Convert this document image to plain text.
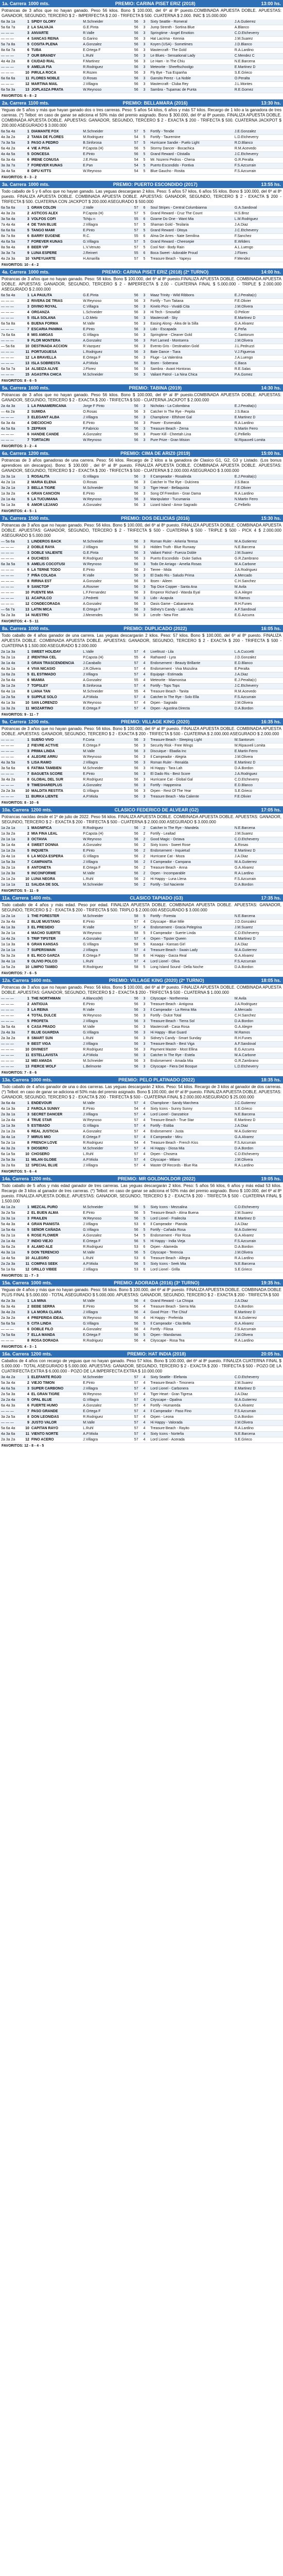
1a. Carrera 1000 mts.	PREMIO: CARINA PISET ERIZ (2018)	13:00 hs.
Potrancas de 3 años que no hayan ganado. Peso 56 kilos. Bono $ 100.000, del 6º al 8º puesto.COMBINADA APUESTA DOBLE. APUESTAS: GANADOR, SEGUNDO, TERCERO $ 2 - IMPERFECTA $ 2.00 - TRIFECTA $ 500. CUATERNA $ 2.000. INIC $ 15.000.000
6a 3a 1a	1	SPIDY GLORY	M.Schneider	56	3	Sixty Seattle - Romeral	J.A.Gutierrez
5a 6a 7a	2	LA SALVAJA	G.E.Pinta	56	3	Jump Strenth - Sortina Blue	A.Blanco
— — —	3	ANVARTE	R.Valle	56	3	Springtime - Angel Emotion	C.D.Etcheverry
— — —	4	SANCAS REINA	G.Garino	56	3	Hat Lacrima - Kennia	J.M.Suarez
5a 7a 8a	5	COSITA PLENA	A.Gonzalez	56	3	Koyen (USA) - Sometimes	J.D.Blanco
8a 6a 7a	6	TUBA	E.Ortega F	56	3	Mastercraft - The Gold	R.A.Lardino
— — —	7	OUR BRANDY	L.Ruhl	56	3	Le Blues - Sensational Lady	C.Mendez C
4a 4a 2a	8	CIUDAD RIAL	F.Martinez	56	3	Le Ham - In The Chiu	N.E.Barcena
— — —	9	AMELIA FIA	R.Rodriguez	56	3	Meteorite - Sheeftschoolgo	E.Martinez D
— — —	10	PIRULA ROCA	R.Rozen	56	3	Fly Bye - Tua Espanha	S.E.Grieco
6a 6a 6a	11	FLORES NOBLE	O.Rosas	56	3	Gansito Perez - La Noble	O.Peralta
— — —	12	MARTINA MAIL	J.Villagra	56	3	Mastercraft - Cluba Rey	J.L.Montes
6a 5a 3a	13	JOPLASZA PRATA	W.Reynoso	56	3	Sambra - Tupamac de Punta	R.E.Gomez
FAVORITOS: 6 - 8 - 2
2a. Carrera 1100 mts.	PREMIO: BELLAMARA (2016)	13:30 hs.
Yeguas de 5 años y más que hayan ganado dos o tres carreras. Peso: 5 años 54 kilos, 6 años y más 57 kilos. Recargo de 1 kilo a la ganadora de tres carreras. (*) Telbot: en caso de ganar se adiciona el 50% más del premio asignado. Bono $ 300.000, del 6º al 8º puesto. FINALIZA APUESTA DOBLE. COMBINADA APUESTA DOBLE. APUESTAS: GANADOR, SEGUNDO, TERCERO $ 2 - EXACTA $ 200 - TRIFECTA $ 500. CUATERNA JACKPOT $ 200.000 ASEGURADO $ 3.000.000
6a 5a 4a	1	DIAMANTE FOX	M.Schneider	57	5	Fortify - Tendie	J.E.Gonzalez
4a 3a 2a	2	TANIA DE FLORES	M.Rodriguez	54	5	Fortify - Tauremine	L.D.Etcheverry
7a 3a 5a	3	PASO A PEDRO	B.Sinforosa	57	5	Hurricane Sandie - Puelo Light	R.D.Blanco
6a 4a 2a	4	VIE A PISA	P.Capsta (H)	56	5	Stormy Dancer - Bocachica	R.M.Acevedo
4a 4a 5a	5	DONCESA	E.Pinto	56	5	Grand Reward - Ctistalla	J.C.Etcheverry
6a 3a 4a	6	IRENE CONUSA	J.E.Pinta	54	5	Mr. Nozemi Pedros - Chena	G.R.Peralta
3a 3a 7a	7	FOREVER KUNAS	E.Pan	54	5	Puerto Escondido - Fontiva	F.S.Azcurrain
3a 4a 5a	8	DIFU KITTS	W.Reynoso	54	5	Blue Gaucho - Rosita	F.S.Azcurrain
FAVORITOS: 8 - 3 - 2
3a. Carrera 1000 mts.	PREMIO: PUERTO ESCONDIDO (2017)	13:55 hs.
Todo caballo de 5 y 6 años que no hayan ganado. Las yeguas descargaran 2 kilos. Peso: 5 años 57 kilos, 6 años 55 kilos. Bono $ 100.000, del 6º al 8º puesto. FINALIZA APUESTA DOBLE. COMBINADA APUESTA DOBLE. APUESTAS: GANADOR, SEGUNDO, TERCERO $ 2 - EXACTA $ 200 - TRIFECTA $ 500. CUATERNA CON JACKPOT $ 200.000 ASEGURADO $ 500.000
6a 5a 6a	1	GRAN COLON	J.Valle	57	6	Soul Stripes - Central Columbianna	G.A.Sandoval
4a 3a 2a	2	ASTICOS ALEX	P.Capsta (H)	57	5	Grand Reward - Cruz The Count	H.S.Broz
3a 5a 4a	3	VOLFOS COFI	Tchiju n	55	6	Ozame Do One - Want Mia	L.M.Rodriguez
7a 4a 4a	4	DE TIAN BLUE	J.Villagra	57	5	Shaman Gold - Tesilaria	J.A.Diaz
6a 6a 6a	5	TANGO MAMI	E.Pinto	57	5	Grand Reward - Ditoya	J.C.Etcheverry
8a 7a 8a	6	BARRY EUGENE	R.C.	55	6	Alma De Arres - Nate Semilina	F.Sanchez
4a 6a 5a	7	FOREVER KUNAS	G.Villagra	57	5	Grand Reward - Cheesepie	E.Wilders
8a 9a 4a	8	BEER VIP	L.V.Venuto	57	5	Cool Not - Body Rain	A.L.Luengo
3a 3a 7a	9	LUNA ESPERE	J.Reinert	55	6	Boca Sweet - Adorable Proud	J.Flores
4a 2a 3a	10	YAPEYUARTE	H.Amarilla	57	5	Treasure Beach - Yapeyu	F.Mendez
FAVORITOS: 10 - 4 - 2
4a. Carrera 1000 mts.	PREMIO: CARINA PISET ERIZ (2018) (2º TURNO)	14:00 hs.
Potrancas de 3 años que no hayan ganado. Peso: 56 kilos. Bono $ 100.000, del 6º al 8º puesto.FINALIZA APUESTA DOBLE. COMBINADA APUESTA DOBLE. APUESTAS: GANADOR, SEGUNDO, TERCERO $ 2 - IMPERFECTA $ 2.00 - CUATERNA FINAL $ 5.000.000 - TRIPLE $ 2.000.000 ASEGURADO $ 2.000.000
6a 5a 4a	1	LA PAULITA	G.E.Pinta	56	3	Maaz Trinity - Wild Ribbons	E.J.Peralta(c)
— — —	2	RIVERA DE TRIAS	W.Reynoso	56	3	Fortify - Turn Taitana	F.E.Olivier
— — —	3	DIVINO ROYAL	C.Villagra	56	3	Kinelo Pico - Vivaldi Cita	J.M.Olivera
— — —	4	ORGANZA	L.Schneider	56	3	Hi Tech - Smowfall	O.Pelicer
— — —	5	ISLA SOLANA	L.O.Melo	56	3	Mastercraft - Sky	E.Martinez D
6a 5a 8a	6	BUENA FORMA	M.Valle	56	3	Easing Along - Alea de la Silla	G.A.Alvarez
— — —	7	ESCARIA PANIMA	E.Pinto	56	3	Lido - Escapada	E.Peña
7a 6a 6a	8	MIS AMIGAS	G.Villagra	56	3	Springtime - Cleaner Gold	C.Santorum
— — —	9	FLOR MONTERA	A.Gonzalez	56	3	Fort Larned - Montserra	J.M.Olivera
— 5a 6a	10	DESTINADA ACCIÓN	R.Vazquez	56	3	Evento Gris - Destination Gold	J.L.Pedruzzi
— — —	11	PORTUGUESA	L.Rodriguez	56	3	Bate Dance - Tiara	V.J.Figueroa
— — —	12	LA BRAVELLA	E.Ortega F	56	3	Fluge - La Valentina	J.A.Luengo
— — —	13	ISLA SOBRESTA	A.P.Miola	56	3	Ibsen - Soberana	C.Baca
6a 5a 7a	14	ALSEIZA ALIVE	J.Florez	56	3	Sambra - Avant Hontoras	R.E.Salas
— — —	15	AGASTRA CHICA	M.Schneider	56	3	Valiant Patrol - La Nina Chica	P.A.Gomez
FAVORITOS: 8 - 6 - 5
5a. Carrera 1600 mts.	PREMIO: TABINA (2019)	14:30 hs.
Potrancas de 3 años que no hayan ganado. Peso 56 kilos. Bono $ 100.000, del 6º al 8º puesto.COMBINADA APUESTA DOBLE. APUESTAS: GANADOR, SEGUNDO, TERCERO $ 2 - EXACTA $ 200 - TRIFECTA $ 500 - CUATERNA JACKPOT $ 2.000.000
2a 4a 3a	1	LA PANAMERICANA	Jorge F Pinto	56	3	Nicholas - La Colombina	E.J.Peralta(c)
— 4a 2a	2	SUMIDA	O.Rosas	56	3	Catcher In The Rye - Pepita	J.S.Baca
— — —	3	ELEGANT ALBA	J.Villagra	56	3	Champlone - Elfshore Gal	E.Martinez D
6a 3a 4a	4	DIECIOCHO	E.Pinto	56	3	Power - Esmeralda	R.A.Lardino
4a 5a 6a	5	ZEFRAN	P.Fabricio	56	3	Treasure Beach - Zerna	N.Martin Ferro
— — —	6	HANDIE CANDE	A.Gonzalez	56	3	Power Kill - Cheetah Lina	C.Pelliello
— — —	7	TORTACRI	W.Reynoso	56	3	Pure Prize - Gran Mision	M.Ripauveli Lomita
FAVORITOS: 3 - 2 - 4
6a. Carrera 1200 mts.	PREMIO: CIMA DE ARIZ0 (2019)	15:00 hs.
Potrancas de 3 años ganadoras de una carrera. Peso: 56 kilos. Recargo de 2 kilos a la ganadora de Clasico G1, G2, G3 y Listado. (Los bonus aprendices sin descargos). Bono: $ 100.000 , del 6º al 8º puesto. FINALIZA APUESTA DOBLE. COMBINADA APUESTA DOBLE. APUESTAS: GANADOR, SEGUNDO, TERCERO $ 2 - EXACTA $ 200 - TRIFECTA $ 500 - CUATERNA $ 2.000.000 ASEGURADO $ 3.000.000
2a 3a 1a	1	ROSALITA	G.Villagra	56	3	Il Campeador - Rosalinda	E.J.Peralta(c)
4a 2a 1a	2	MARIA ELENA	O.Rosas	56	3	Catcher In The Rye - Dulcinea	J.S.Baca
3a 2a 1a	3	BELLA TIGRE	M.Schneider	56	3	Tiger Heart - Bellaquista	F.E.Olivier
1a 3a 2a	4	GRAN CANCIÓN	E.Pinto	56	3	Song Of Freedom - Gran Dama	R.A.Lardino
2a 1a 4a	5	LA TUCUMANA	W.Reynoso	56	3	Manipulator - Tucumania	N.Martin Ferro
5a 1a 3a	6	AMOR LEJANO	A.Gonzalez	56	3	Lizard Island - Amor Sagrado	C.Pelliello
FAVORITOS: 4 - 5 - 1
7a. Carrera 1500 mts.	PREMIO: DOS DELICIAS (2016)	15:30 hs.
Potrancas de 3 años que no hayan ganado. Peso: 56 kilos. Bono $ 100.000, del 6º al 8º puesto. FINALIZA APUESTA DOBLE. COMBINADA APUESTA DOBLE. APUESTAS: GANADOR, SEGUNDO, TERCERO $ 2 - TRIFECTA $ 500 - CUATERNA $ 500 - TRIPLE $ 500 - PICK 4 $ 2.000.000 ASEGURADO $ 5.000.000
— 5a 6a	1	LINDEROS BACK	M.Schneider	56	3	Roman Ruler - Arkeria Teresa	M.A.Gutierrez
— — —	2	DOBLE RAYA	J.Villagra	56	3	Hidden Truth - Blue Runway	N.E.Barcena
— — —	3	DOBLE VALIENTE	G.E.Pinta	56	3	Valiant Patrol - Fuerza Doble	J.M.Suarez
— — —	4	DUCHESS	R.Rodriguez	56	3	Puerto Escondido - Duke Sativa	G.R.Zambrano
6a 3a 5a	5	AMELIS COCOTUSI	W.Reynoso	56	3	Todo De Arriago - Amelia Rosas	M.A.Carbone
— — —	6	LA TERNE TODO	E.Pinto	56	3	Tieree - Mida	J.A.Rodriguez
— — —	7	PIÑA COLADA	R.Valle	56	3	El Dado Ris - Saludo Prima	A.Mercado
— — —	8	RIRINA EST	A.Gonzalez	56	3	Ibsen - Aileen	C.H.Sanchez
— — —	9	SANCTOP	A.Rosmer	56	3	Top Dice Copper - Santa Ana	M.Avila
— — —	10	PUENTE MIA	L.F.Fernandez	56	3	Emperor Richard - Wanda Eyal	G.A.Alegre
— — —	11	ACAPULCO	J.Pedretti	56	3	Lido - Acapula	M.Ramos
— — —	12	CONDECORADA	A.Gonzalez	56	3	Oasis Game - Cabanarena	R.H.Funes
— 6a 7a	13	LATIN MICA	E.Ortega F	56	3	Sidney's Candy - Latin Aris	A.F.Sandoval
5a 2a 3a	14	NUESTRO	J.Menendes	56	3	Lerofe - New Fire	E.G.Azcurra
FAVORITOS: 4 - 5 - 11
8a. Carrera 1000 mts.	PREMIO: DUPLICADO (2022)	16:05 hs.
Todo caballo de 4 años ganador de una carrera. Las yeguas descargarán 2 kilos. Peso: 57 kilos. Bono $ 100.000, del 6º al 8º puesto. FINALIZA APUESTA DOBLE. COMBINADA APUESTA DOBLE. APUESTAS: GANADOR, SEGUNDO, TERCERO $ 2 - EXACTA $ 200 - TRIFECTA $ 500 - CUATERNA $ 1.500.000 ASEGURADO $ 2.000.000
2a 1a 3a	1	SWEET HOLIDAY	L.Valle	57	4	Liveltrust - Lila	L.A.Cuccetti
5a 2a 1a	2	IRENTINA CEL	P.Capsta (H)	55	4	Rathaxed - Lyra	J.D.Gonzalez
3a 1a 4a	3	GRAN TRASCENDENCIA	J.Caraballo	57	4	Endorsement - Beauty Brillante	E.D.Blanco
4a 3a 1a	4	VIVA NICASIO	J.R.Olivera	57	4	Endorsement - Viva Mozulina	E.Peralta
1a 6a 2a	5	EL ESTIMADO	J.Villagra	57	4	Equipaje - Estimada	J.A.Diaz
2a 5a 4a	6	MIAMIA	A.Gonzalez	55	4	Meteorite - Miamonisa	E.J.Peralta(c)
3a 1a 2a	7	TOPSLEY	B.Sinforosa	57	4	Fortify - Tops Tops	J.C.Etcheverry
6a 4a 1a	8	LIANA TAN	M.Schneider	55	4	Treasure Beach - Tanita	R.M.Acevedo
1a 2a 5a	9	SUPPLE SOLO	A.P.Miola	57	4	Catcher In The Rye - Solo Ella	F.S.Azcurrain
4a 1a 3a	10	SAN LORENZO	W.Reynoso	57	4	Orpen - Sagrado	J.M.Olivera
1a 3a 2a	11	MOZARTINO	E.Ortega F	57	4	Orpen - Agustina Directa	D.A.Bordon
FAVORITOS: 9 - 11 - 7
9a. Carrera 1200 mts.	PREMIO: VILLAGE KING (2020)	16:35 hs.
Potrancas de 3 años que no hayan ganado. Peso: 56 kilos. Bono $ 100.000, del 6º al 8º puesto. FINALIZA APUESTA DOBLE. COMBINADA APUESTA DOBLE. APUESTAS: GANADOR, SEGUNDO, TERCERO $ 2 - EXACTA $ 200 - TRIFECTA $ 500 - CUATERNA $ 2.000.000 ASEGURADO $ 2.000.000
— — —	1	SUEÑO VIVO	F.Coria	56	3	Treasure Beach - Sleeping Light	M.Santorum
— — —	2	FIEVRE ACTIVE	E.Ortega F	56	3	Security Risk - Free Wings	M.Ripauveli Lomita
— — —	3	PRIMA LINDA	M.Valle	56	3	Discuique - Ebadia Inc	E.Martin Ferro
— — —	4	ALEGRE ARRU	W.Reynoso	56	3	Il Campeador - Alegria	J.M.Olivera
4a 3a 5a	5	LISA RAMO	J.Villagra	56	3	Roman Ruler - Renalda	E.Martinez D
3a 5a 6a	6	FATIMA TAMBIEN	M.Schneider	56	3	Hi Happy - Tara Lah	D.A.Bordon
— — —	7	BAGUETA SCORE	E.Pinto	56	3	El Dado Ris - Best Score	J.A.Rodriguez
3a 4a 2a	8	GLOBAL DEL SUR	R.Rodriguez	56	3	Hurricane Cat - Global Gal	C.D.Etcheverry
— — —	9	TIMESHAREPLUS	A.Gonzalez	56	3	Fortify - Happenina	E.D.Blanco
2a 2a 3a	10	MALDITA RESTITA	G.Villagra	56	3	Orpen - Rest Of The Year	S.E.Grieco
— — —	11	BURKA LIENTE	A.P.Miola	56	3	Treasure Beach - Mia Caliente	F.E.Olivier
FAVORITOS: 8 - 10 - 6
10a. Carrera 1200 mts.	CLASICO FEDERICO DE ALVEAR (G2)	17:05 hs.
Potrancas nacidas desde el 1º de julio de 2022. Peso 56 kilos. FINALIZA APUESTA DOBLE. COMBINADA APUESTA DOBLE. APUESTAS: GANADOR, SEGUNDO, TERCERO $ 2 - EXACTA $ 200 - TRIFECTA $ 500 - CUATERNA $ 2.000.000 ASEGURADO $ 3.000.000
1a 2a 1a	1	MAGNIFICA	R.Rodriguez	56	2	Catcher In The Rye - Mandela	N.E.Barcena
1a 3a 2a	2	MIA FINA LEAL	P.Capsta (H)	56	2	Fortify - Lealtad	J.M.Suarez
2a 1a 1a	3	OCTAVIA	W.Reynoso	56	2	Good Magic - Octava	C.D.Etcheverry
3a 1a 4a	4	SWEET DONNA	A.Gonzalez	56	2	Sixty Icons - Sweet Rose	A.Rosas
1a 1a 2a	5	INQUIETA	E.Pinto	56	2	Endorsement - Inquietud	E.Martinez D
2a 4a 1a	6	LA MOZA ESPERA	G.Villagra	56	2	Hurricane Cat - Moza	J.A.Diaz
1a 5a 3a	7	CAMPANITA	J.Villagra	56	2	Il Campeador - Campana	M.A.Gutierrez
3a 2a 1a	8	ANTONETA	E.Ortega F	56	2	Treasure Beach - Anna	G.A.Alvarez
1a 2a 3a	9	INCONFORME	M.Valle	56	2	Orpen - Incomparable	R.A.Lardino
2a 1a 2a	10	LUNA NEGRA	L.Ruhl	56	2	Hi Happy - Luna Llena	F.S.Azcurrain
1a 1a 1a	11	SALIDA DE SOL	M.Schneider	56	2	Fortify - Sol Naciente	D.A.Bordon
FAVORITOS: 5 - 11 - 9
11a. Carrera 1400 mts.	CLASICO TAPIADO (G3)	17:35 hs.
Todo caballo de 4 años y más edad. Peso por edad. FINALIZA APUESTA DOBLE. COMBINADA APUESTA DOBLE. APUESTAS: GANADOR, SEGUNDO, TERCERO $ 2 - EXACTA $ 200 - TRIFECTA $ 500. TRIPLO $ 2.000.000 ASEGURADO $ 3.000.000
1a 2a 1a	1	THE FORESTER	M.Schneider	58	5	Fortify - Foresta	N.E.Barcena
2a 3a 4a	2	BLUE MUSTANG	E.Pinto	57	4	Cityscape - Blue Mile	J.D.Gonzalez
4a 1a 3a	3	EL PRESIDIO	R.Valle	57	4	Endorsement - Gracia Pelegrina	J.M.Suarez
3a 2a 1a	4	MACHO SUERTE	W.Reynoso	58	5	Il Campeador - Suerte Linda	C.D.Etcheverry
1a 4a 2a	5	TRIP TIPSTER	A.Gonzalez	57	4	Orpen - Tipster Queen	E.Martinez D
1a 1a 3a	6	GRAN KANSAS	G.Villagra	58	5	Kasaqui - Kansas Girl	J.A.Diaz
2a 1a 1a	7	SUPERSWAIN	J.Villagra	57	4	Treasure Beach - Swain Lady	M.A.Gutierrez
5a 3a 2a	8	EL RICO GARZA	E.Ortega F	58	6	Hi Happy - Garza Real	G.A.Alvarez
3a 4a 1a	9	OLIVIO POLCO	L.Ruhl	57	4	Lord Lionel - Oliva	F.S.Azcurrain
1a 5a 2a	10	LIMPIO TAMBO	R.Rodriguez	58	5	Long Island Sound - Della Noche	D.A.Bordon
FAVORITOS: 7 - 6 - 5
12a. Carrera 1600 mts.	PREMIO: VILLAGE KING (2020) (2º TURNO)	18:05 hs.
Potrancas de 3 años que no hayan ganado. Peso: 56 kilos. Bono $ 100.000, del 6º al 8º puesto. FINALIZA APUESTA DOBLE. COMBINADA APUESTA DOBLE. APUESTAS: GANADOR, SEGUNDO, TERCERO $ 2 - EXACTA $ 200 - TRIFECTA $ 500 - CUATERNA $ 1.000.000
— — —	1	THE NORTHMAN	A.Blanco(M)	56	3	Cityscape - Northenmia	M.Avila
— — —	2	ANTIGUA	E.Pinto	56	3	Treasure Beach - Antigona	J.A.Rodriguez
— — —	3	LA REINA	R.Valle	56	3	Il Campeador - La Reina Mia	A.Mercado
— — —	4	TOTAL DULCE	W.Reynoso	56	3	Fortify - Dulce Total	C.H.Sanchez
— — —	5	PROFETA	J.Villagra	56	3	Treasure Beach - Tierra Sol	D.A.Bordon
3a 5a 4a	6	CASA PRADO	M.Valle	56	3	Mastercraft - Casa Rosa	G.A.Alegre
2a 4a 3a	7	BLUE GUARDIA	G.Villagra	56	3	Hi Happy - Blue Guard	M.Ramos
2a 3a 2a	8	SMART SUN	L.Ruhl	56	3	Sidney's Candy - Smart Sunday	R.H.Funes
— — —	9	BEST VIGA	J.Villagra	56	3	Treasure Beach - Best Viga	A.F.Sandoval
— — —	10	DIVINEST	R.Rodriguez	56	3	Payment Master - Most Ellina	E.G.Azcurra
— — —	11	ESTELLAVISTA	A.P.Miola	56	3	Catcher In The Rye - Estela	M.A.Carbone
— — —	12	MEI AMADA	M.Schneider	56	3	Endorsement - Amada Mia	G.R.Zambrano
— — —	13	FIERCE WOLF	L.Belmonte	56	3	Cityscape - Fiera Del Bosque	L.D.Etcheverry
FAVORITOS: 7 - 8 - 6
13a. Carrera 1000 mts.	PREMIO: PELO PLATINADO (2022)	18:35 hs.
Todo caballo de 4 años ganador de una o dos carreras. Las yeguas descargarán 2 kilos. Peso: 54 kilos. Recargo de 3 kilos al ganador de dos carreras. (*) Telbot: en caso de ganar se adiciona el 50% más del premio asignado. Bono $ 100.000, del 6º al 8º puesto. FINALIZA APUESTA DOBLE. APUESTAS: GANADOR, SEGUNDO, TERCERO $ 2 - EXACTA $ 200 - TRIFECTA $ 500 - CUATERNA FINAL $ 2.000.000 ASEGURADO $ 25.000.000
3a 6a 4a	1	ENDEVOUR	M.Valle	57	4	Champlone - Sandy Marchera	J.C.Gutierrez
4a 1a 3a	2	FAROLA SUNNY	E.Pinto	54	4	Sixty Icons - Sunny Sunny	S.E.Grieco
2a 3a 1a	3	SECRET DANCER	J.Villagra	57	4	Lord Lionel - Danzatrice	N.E.Barcena
1a 2a 4a	4	TRUE STAR	W.Reynoso	57	4	Treasure Beach - True Star	E.Martinez D
1a 1a 3a	5	ESTIBADO	G.Villagra	57	4	Fortify - Estiba	J.A.Diaz
2a 1a 2a	6	REAL JUSTICIA	A.Gonzalez	57	4	Endorsement - Justa	M.A.Gutierrez
3a 4a 1a	7	MIRUS MIO	E.Ortega F	57	4	Il Campeador - Miru	G.A.Alvarez
5a 2a 1a	8	FRENCH LOVE	R.Rodriguez	54	4	Treasure Beach - French Kiss	F.S.Azcurrain
4a 3a 2a	9	DIOSERO	M.Schneider	57	4	Hi Happy - Diosa Mia	D.A.Bordon
6a 1a 5a	10	CHOSERO	L.Ruhl	57	4	Orpen - Chosera	C.D.Etcheverry
2a 5a 3a	11	MILAN GLOBE	A.P.Miola	57	4	Cityscape - Milano	J.M.Olivera
3a 2a 6a	12	SPECIAL BLUE	J.Villagra	57	4	Master Of Records - Blue Ria	R.A.Lardino
FAVORITOS: 5 - 6 - 4
14a. Carrera 1200 mts.	PREMIO: MR GOLDNOLDOR (2022)	19:05 hs.
Todo caballo de 5 años y más edad ganador de tres carreras. Las yeguas descargarán 2 kilos. Peso: 5 años 56 kilos, 6 años y más edad 53 kilos. Recargo de 3 kilos al ganador de tres carreras. (*) Telbot: en caso de ganar se adiciona el 50% más del premio asignado. Bono $ 100.000, del 6º al 8º puesto. FINALIZA APUESTA DOBLE. APUESTAS: GANADOR, SEGUNDO, TERCERO $ 2 - EXACTA $ 200 - TRIFECTA $ 500 - CUATERNA FINAL $ 1.500.000
4a 1a 2a	1	MEZCAL PURO	M.Schneider	56	5	Sixty Icons - Mezcalina	C.D.Etcheverry
3a 2a 5a	2	EL BUEN ALMA	E.Pinto	56	5	Treasure Beach - Alma Buena	J.M.Suarez
2a 3a 1a	3	FRAILEN	W.Reynoso	56	5	Lord Lionel - Frailecita	E.Martinez D
5a 4a 3a	4	GRAN PIANISTA	J.Villagra	53	6	Il Campeador - Pianola	J.A.Diaz
1a 5a 4a	5	SEÑOR CAÑADA	G.Villagra	56	5	Fortify - Cañada Rosa	M.A.Gutierrez
6a 2a 1a	6	ROSE FLOWER	A.Gonzalez	54	5	Endorsement - Flor Rosa	G.A.Alvarez
2a 1a 4a	7	INDIO VIEJO	E.Ortega F	56	5	Hi Happy - India Vieja	F.S.Azcurrain
3a 6a 2a	8	ALAMO ALE	R.Rodriguez	53	6	Orpen - Alameda	D.A.Bordon
4a 3a 1a	9	DON TERENCIO	M.Valle	56	5	Cityscape - Terencia	J.M.Olivera
1a 4a 5a	10	ALLEGRO	L.Ruhl	53	6	Treasure Beach - Allegra	R.A.Lardino
2a 2a 3a	11	COMPAS SEEK	A.P.Miola	56	5	Sixty Icons - Seek Mia	N.E.Barcena
5a 1a 6a	12	GRILLO VIBEE	J.Villagra	53	6	Lord Lionel - Grilla	S.E.Grieco
FAVORITOS: 11 - 7 - 3
15a. Carrera 1000 mts.	PREMIO: ADORADA (2016) (3º TURNO)	19:35 hs.
Yeguas de 4 años y más que no hayan ganado. Peso: 56 kilos. Bono $ 100.000, del 6º al 8º puesto. FINALIZA APUESTA DOBLE. COMBINADA DOBLE PLUS FINAL $ 5.000.000 - TOTAL ASEGURADO $ 5.000.000. APUESTAS: GANADOR, SEGUNDO, TERCERO $ 2 - EXACTA $ 200 - TRIFECTA $ 500
4a 2a 3a	1	LA MINA	M.Valle	56	4	Grand Reward - La Chispa	J.A.Diaz
6a 3a 4a	2	BEBE SERRA	E.Pinto	56	4	Treasure Beach - Sierra Mia	D.A.Bordon
3a 4a 2a	3	LA MORA CLARA	J.Villagra	56	4	Good Prize - The Chiuf	E.Martinez D
2a 3a 2a	4	PREFERIDA IDEAL	W.Reynoso	56	4	Hi Happy - Preferida	M.A.Gutierrez
5a 6a 5a	5	CITA LINDA	G.Villagra	56	5	Il Campeador - Cita Bella	G.A.Alvarez
— — —	6	DOBLE FILO	A.Gonzalez	56	4	Fortify - Filosa	F.S.Azcurrain
7a 5a 6a	7	ELLA MANDA	E.Ortega F	56	5	Orpen - Mandamas	J.M.Olivera
— — —	8	ROSA DORADA	R.Rodriguez	56	4	Cityscape - Rosa Tea	R.A.Lardino
FAVORITOS: 4 - 3 - 1
16a. Carrera 1200 mts.	PREMIO: HAT INDIA (2018)	20:05 hs.
Caballos de 4 años con recargo de yeguas que no hayan ganado. Peso 57 kilos. Bono $ 100.000, del 6º al 8º puesto. FINALIZA CUATERNA FINAL $ 5.000.000 - TOTAL ASEGURADO $ 5.000.000. APUESTAS: GANADOR, SEGUNDO, TERCERO $ 2 - EXACTA $ 200 - TRIFECTA $ 500 - POZO DE LA CUATRIFECTA EXTRA $ 6.000.000 - POZO DE LA IMPERFECTA EXTRA $ 10.000.000
3a 4a 2a	1	ELEFANTE ROJO	M.Schneider	57	4	Sixty Seattle - Elefanta	C.D.Etcheverry
5a 3a 4a	2	VIEJO TIMON	E.Pinto	57	4	Treasure Beach - Timonera	J.M.Suarez
4a 6a 5a	3	SUPER CARBONO	J.Villagra	57	4	Lord Lionel - Carbonera	E.Martinez D
2a 5a 3a	4	EL GRAN TIGRE	W.Reynoso	57	4	Tiger Heart - Gran Tigresa	J.A.Diaz
2a 2a 4a	5	OPAL BLUE	G.Villagra	57	4	Cityscape - Opalina	M.A.Gutierrez
6a 4a 3a	6	FUERTE HUMO	A.Gonzalez	57	4	Fortify - Humareda	G.A.Alvarez
— — —	7	PASO GRANDE	E.Ortega F	57	4	Il Campeador - Paso Fino	F.S.Azcurrain
3a 2a 5a	8	DON LEONIDAS	R.Rodriguez	57	4	Orpen - Leona	D.A.Bordon
— — —	9	JUSTO VALOR	M.Valle	57	4	Hi Happy - Valorada	J.M.Olivera
5a 6a 4a	10	CAPITAN RAYO	L.Ruhl	57	4	Treasure Beach - Rayito	R.A.Lardino
4a 3a 6a	11	VIENTO NORTE	A.P.Miola	57	4	Sixty Icons - Norteña	N.E.Barcena
2a 3a 2a	12	FINO ACERO	J.Villagra	57	4	Lord Lionel - Acerada	S.E.Grieco
FAVORITOS: 12 - 8 - 4 - 5
